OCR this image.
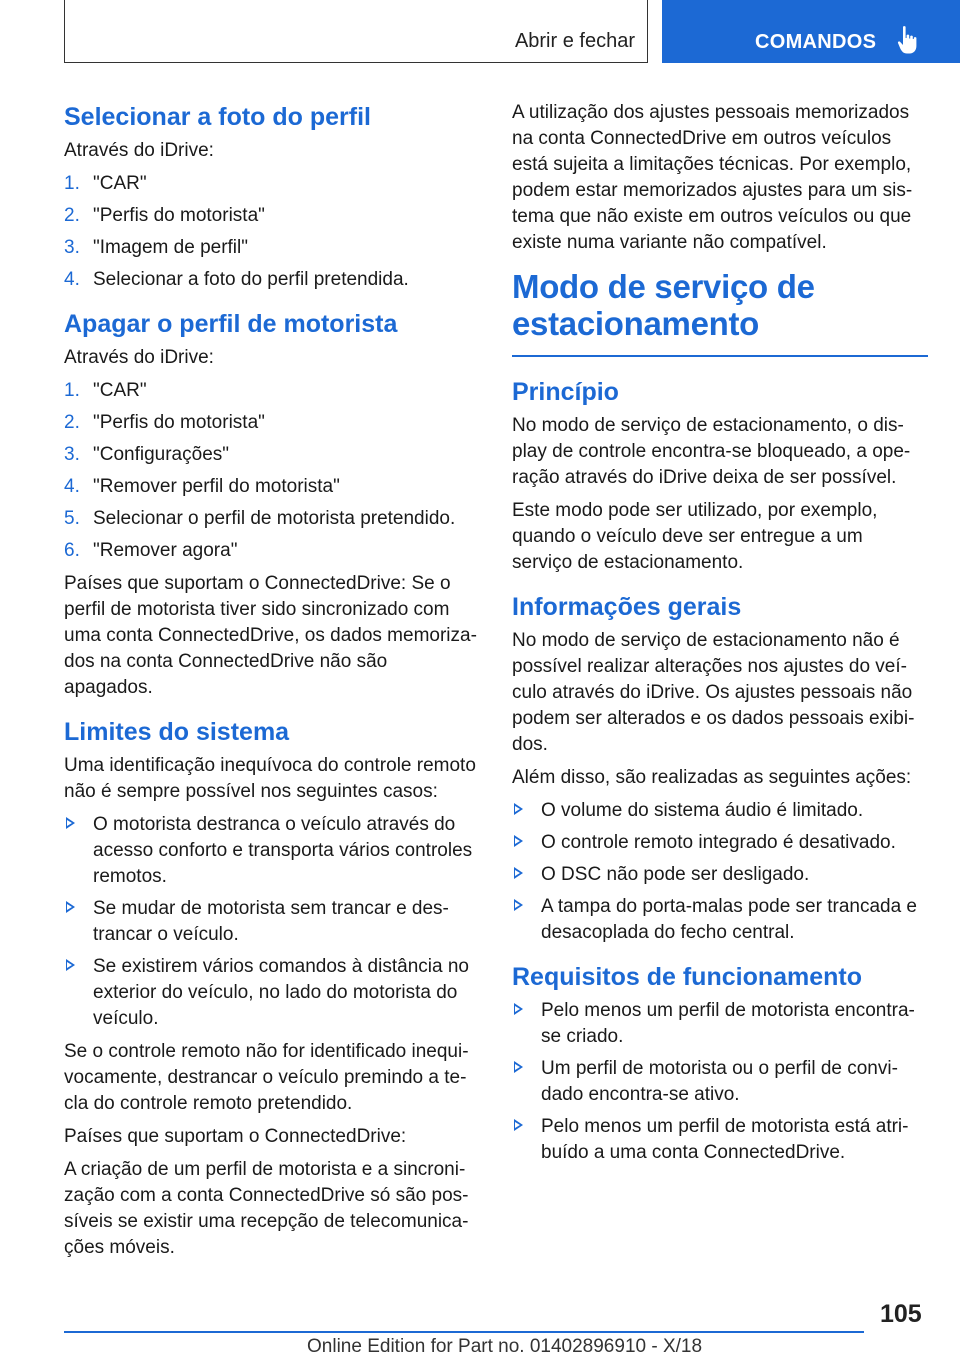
Abrir e fechar	COMANDOS
Selecionar a foto do perfil

Através do iDrive:

1. "CAR"
2. "Perfis do motorista"
3. "Imagem de perfil"
4. Selecionar a foto do perfil pretendida.
Apagar o perfil de motorista

Através do iDrive:

1. "CAR"
2. "Perfis do motorista"
3. "Configurações"
4. "Remover perfil do motorista"
5. Selecionar o perfil de motorista pretendido.
6. "Remover agora"

Países que suportam o ConnectedDrive: Se o perfil de motorista tiver sido sincronizado com uma conta ConnectedDrive, os dados memorizados na conta ConnectedDrive não são apagados.

Limites do sistema

Uma identificação inequívoca do controle remoto não é sempre possível nos seguintes casos:

O motorista destranca o veículo através do acesso conforto e transporta vários controles remotos.
Se mudar de motorista sem trancar e destrancar o veículo.
Se existirem vários comandos à distância no exterior do veículo, no lado do motorista do veículo.

Se o controle remoto não for identificado inequivocamente, destrancar o veículo premindo a tecla do controle remoto pretendido.

Países que suportam o ConnectedDrive:

A criação de um perfil de motorista e a sincronização com a conta ConnectedDrive só são possíveis se existir uma recepção de telecomunicações móveis.

A utilização dos ajustes pessoais memorizados na conta ConnectedDrive em outros veículos está sujeita a limitações técnicas. Por exemplo, podem estar memorizados ajustes para um sistema que não existe em outros veículos ou que existe numa variante não compatível.

Modo de serviço de estacionamento
Princípio

No modo de serviço de estacionamento, o display de controle encontra-se bloqueado, a operação através do iDrive deixa de ser possível.

Este modo pode ser utilizado, por exemplo, quando o veículo deve ser entregue a um serviço de estacionamento.

Informações gerais

No modo de serviço de estacionamento não é possível realizar alterações nos ajustes do veículo através do iDrive. Os ajustes pessoais não podem ser alterados e os dados pessoais exibidos.

Além disso, são realizadas as seguintes ações:

O volume do sistema áudio é limitado.
O controle remoto integrado é desativado.
O DSC não pode ser desligado.
A tampa do porta-malas pode ser trancada e desacoplada do fecho central.
Requisitos de funcionamento
Pelo menos um perfil de motorista encontra-se criado.
Um perfil de motorista ou o perfil de convidado encontra-se ativo.
Pelo menos um perfil de motorista está atribuído a uma conta ConnectedDrive.
105
Online Edition for Part no. 01402896910 - X/18
